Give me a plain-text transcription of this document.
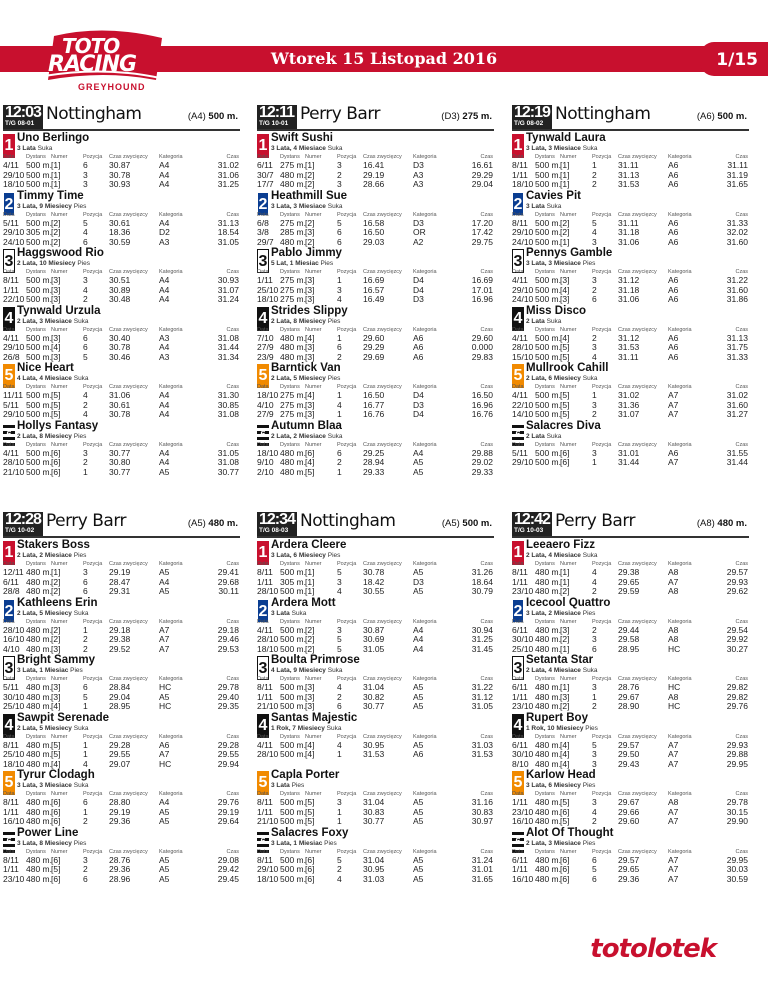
Wtorek 15 Listopad 2016	1/15
TOTO
RACING
GREYHOUND
12:03
T/G 08-01 Nottingham	(A4) 500 m.
1 Uno Berlingo
3 Lata Suka
Data Dystans Numer	Pozycja Czas zwycięzcy Kategoria	Czas
4/11 500 m. [1]	6	30.87	A4	31.02
29/10 500 m. [1]	3	30.78	A4	31.06
18/10 500 m. [1]	3	30.93	A4	31.25
2 Timmy Time
3 Lata, 9 Miesiecy Pies
Data Dystans Numer	Pozycja Czas zwycięzcy Kategoria	Czas
5/11 500 m. [2]	5	30.61	A4	31.13
29/10 305 m. [2]	4	18.36	D2	18.54
24/10 500 m. [2]	6	30.59	A3	31.05
3 Haggswood Rio
2 Lata, 10 Miesiecy Pies
Data Dystans Numer	Pozycja Czas zwycięzcy Kategoria	Czas
8/11 500 m. [3]	3	30.51	A4	30.93
1/11 500 m. [3]	4	30.89	A4	31.07
22/10 500 m. [3]	2	30.48	A4	31.24
4 Tynwald Urzula
2 Lata, 3 Miesiace Suka
Data Dystans Numer	Pozycja Czas zwycięzcy Kategoria	Czas
4/11 500 m. [3]	6	30.40	A3	31.08
29/10 500 m. [4]	6	30.78	A4	31.44
26/8 500 m. [3]	5	30.46	A3	31.34
5 Nice Heart
4 Lata, 4 Miesiace Suka
Data Dystans Numer	Pozycja Czas zwycięzcy Kategoria	Czas
11/11 500 m. [5]	4	31.06	A4	31.30
5/11 500 m. [5]	2	30.61	A4	30.85
29/10 500 m. [5]	4	30.78	A4	31.08
6
Hollys Fantasy
2 Lata, 8 Miesiecy Pies
Data Dystans Numer	Pozycja Czas zwycięzcy Kategoria	Czas
4/11 500 m. [6]	3	30.77	A4	31.05
28/10 500 m. [6]	2	30.80	A4	31.08
21/10 500 m. [6]	1	30.77	A5	30.77
12:11
T/G 10-01 Perry Barr	(D3) 275 m.
1 Swift Sushi
3 Lata, 4 Miesiace Suka
Data Dystans Numer	Pozycja Czas zwycięzcy Kategoria	Czas
6/11 275 m. [1]	3	16.41	D3	16.61
30/7 480 m. [2]	2	29.19	A3	29.29
17/7 480 m. [2]	3	28.66	A3	29.04
2 Heathmill Sue
3 Lata, 3 Miesiace Suka
Data Dystans Numer	Pozycja Czas zwycięzcy Kategoria	Czas
6/8 275 m. [2]	5	16.58	D3	17.20
3/8 285 m. [3]	6	16.50	OR	17.42
29/7 480 m. [2]	6	29.03	A2	29.75
3 Pablo Jimmy
5 Lat, 1 Miesiac Pies
Data Dystans Numer	Pozycja Czas zwycięzcy Kategoria	Czas
1/11 275 m. [3]	1	16.69	D4	16.69
25/10 275 m. [3]	3	16.57	D4	17.01
18/10 275 m. [3]	4	16.49	D3	16.96
4 Strides Slippy
2 Lata, 8 Miesiecy Pies
Data Dystans Numer	Pozycja Czas zwycięzcy Kategoria	Czas
7/10 480 m. [4]	1	29.60	A6	29.60
27/9 480 m. [3]	6	29.29	A6	0.000
23/9 480 m. [3]	2	29.69	A6	29.83
5 Barntick Van
2 Lata, 5 Miesiecy Pies
Data Dystans Numer	Pozycja Czas zwycięzcy Kategoria	Czas
18/10 275 m. [4]	1	16.50	D4	16.50
4/10 275 m. [3]	4	16.77	D3	16.96
27/9 275 m. [3]	1	16.76	D4	16.76
6
Autumn Blaa
2 Lata, 2 Miesiace Suka
Data Dystans Numer	Pozycja Czas zwycięzcy Kategoria	Czas
18/10 480 m. [6]	6	29.25	A4	29.88
9/10 480 m. [4]	2	28.94	A5	29.02
2/10 480 m. [5]	1	29.33	A5	29.33
12:19
T/G 08-02 Nottingham	(A6) 500 m.
1 Tynwald Laura
3 Lata, 3 Miesiace Suka
Data Dystans Numer	Pozycja Czas zwycięzcy Kategoria	Czas
8/11 500 m. [1]	1	31.11	A6	31.11
1/11 500 m. [1]	2	31.13	A6	31.19
18/10 500 m. [1]	2	31.53	A6	31.65
2 Cavies Pit
3 Lata Suka
Data Dystans Numer	Pozycja Czas zwycięzcy Kategoria	Czas
8/11 500 m. [2]	5	31.11	A6	31.33
29/10 500 m. [2]	4	31.18	A6	32.02
24/10 500 m. [1]	3	31.06	A6	31.60
3 Pennys Gamble
3 Lata, 3 Miesiace Pies
Data Dystans Numer	Pozycja Czas zwycięzcy Kategoria	Czas
4/11 500 m. [3]	3	31.12	A6	31.22
29/10 500 m. [4]	2	31.18	A6	31.60
24/10 500 m. [3]	6	31.06	A6	31.86
4 Miss Disco
2 Lata Suka
Data Dystans Numer	Pozycja Czas zwycięzcy Kategoria	Czas
4/11 500 m. [4]	2	31.12	A6	31.13
28/10 500 m. [5]	3	31.53	A6	31.75
15/10 500 m. [5]	4	31.11	A6	31.33
5 Mullrook Cahill
2 Lata, 6 Miesiecy Suka
Data Dystans Numer	Pozycja Czas zwycięzcy Kategoria	Czas
4/11 500 m. [5]	1	31.02	A7	31.02
22/10 500 m. [5]	3	31.36	A7	31.60
14/10 500 m. [5]	2	31.07	A7	31.27
6
Salacres Diva
2 Lata Suka
Data Dystans Numer	Pozycja Czas zwycięzcy Kategoria	Czas
5/11 500 m. [6]	3	31.01	A6	31.55
29/10 500 m. [6]	1	31.44	A7	31.44
12:28
T/G 10-02 Perry Barr	(A5) 480 m.
1 Stakers Boss
2 Lata, 2 Miesiace Pies
Data Dystans Numer	Pozycja Czas zwycięzcy Kategoria	Czas
12/11 480 m. [1]	3	29.19	A5	29.41
6/11 480 m. [2]	6	28.47	A4	29.68
28/8 480 m. [2]	6	29.31	A5	30.11
2 Kathleens Erin
2 Lata, 5 Miesiecy Suka
Data Dystans Numer	Pozycja Czas zwycięzcy Kategoria	Czas
28/10 480 m. [2]	1	29.18	A7	29.18
16/10 480 m. [2]	2	29.38	A7	29.46
4/10 480 m. [3]	2	29.52	A7	29.53
3 Bright Sammy
3 Lata, 1 Miesiac Pies
Data Dystans Numer	Pozycja Czas zwycięzcy Kategoria	Czas
5/11 480 m. [3]	6	28.84	HC	29.78
30/10 480 m. [3]	5	29.04	A5	29.40
25/10 480 m. [4]	1	28.95	HC	29.35
4 Sawpit Serenade
2 Lata, 5 Miesiecy Suka
Data Dystans Numer	Pozycja Czas zwycięzcy Kategoria	Czas
8/11 480 m. [5]	1	29.28	A6	29.28
25/10 480 m. [5]	1	29.55	A7	29.55
18/10 480 m. [4]	4	29.07	HC	29.94
5 Tyrur Clodagh
3 Lata, 3 Miesiace Suka
Data Dystans Numer	Pozycja Czas zwycięzcy Kategoria	Czas
8/11 480 m. [6]	6	28.80	A4	29.76
1/11 480 m. [6]	1	29.19	A5	29.19
16/10 480 m. [6]	2	29.36	A5	29.64
6
Power Line
3 Lata, 8 Miesiecy Pies
Data Dystans Numer	Pozycja Czas zwycięzcy Kategoria	Czas
8/11 480 m. [6]	3	28.76	A5	29.08
1/11 480 m. [5]	2	29.36	A5	29.42
23/10 480 m. [6]	6	28.96	A5	29.45
12:34
T/G 08-03 Nottingham	(A5) 500 m.
1 Ardera Cleere
3 Lata, 6 Miesiecy Pies
Data Dystans Numer	Pozycja Czas zwycięzcy Kategoria	Czas
8/11 500 m. [1]	5	30.78	A5	31.26
1/11 305 m. [1]	3	18.42	D3	18.64
28/10 500 m. [1]	4	30.55	A5	30.79
2 Ardera Mott
3 Lata Suka
Data Dystans Numer	Pozycja Czas zwycięzcy Kategoria	Czas
4/11 500 m. [2]	3	30.87	A4	30.94
28/10 500 m. [2]	5	30.69	A4	31.25
18/10 500 m. [2]	5	31.05	A4	31.45
3 Boulta Primrose
4 Lata, 9 Miesiecy Suka
Data Dystans Numer	Pozycja Czas zwycięzcy Kategoria	Czas
8/11 500 m. [3]	4	31.04	A5	31.22
1/11 500 m. [3]	2	30.82	A5	31.12
21/10 500 m. [3]	6	30.77	A5	31.05
4 Santas Majestic
1 Rok, 7 Miesiecy Suka
Data Dystans Numer	Pozycja Czas zwycięzcy Kategoria	Czas
4/11 500 m. [4]	4	30.95	A5	31.03
28/10 500 m. [4]	1	31.53	A6	31.53
5 Capla Porter
3 Lata Pies
Data Dystans Numer	Pozycja Czas zwycięzcy Kategoria	Czas
8/11 500 m. [5]	3	31.04	A5	31.16
1/11 500 m. [5]	1	30.83	A5	30.83
21/10 500 m. [5]	1	30.77	A5	30.97
6
Salacres Foxy
3 Lata, 1 Miesiac Pies
Data Dystans Numer	Pozycja Czas zwycięzcy Kategoria	Czas
8/11 500 m. [6]	5	31.04	A5	31.24
29/10 500 m. [6]	2	30.95	A5	31.01
18/10 500 m. [6]	4	31.03	A5	31.65
12:42
T/G 10-03 Perry Barr	(A8) 480 m.
1 Leeaero Fizz
2 Lata, 4 Miesiace Suka
Data Dystans Numer	Pozycja Czas zwycięzcy Kategoria	Czas
8/11 480 m. [1]	4	29.38	A8	29.57
1/11 480 m. [1]	4	29.65	A7	29.93
23/10 480 m. [2]	2	29.59	A8	29.62
2 Icecool Quattro
3 Lata, 2 Miesiace Pies
Data Dystans Numer	Pozycja Czas zwycięzcy Kategoria	Czas
6/11 480 m. [3]	2	29.44	A8	29.54
30/10 480 m. [2]	3	29.58	A8	29.92
25/10 480 m. [1]	6	28.95	HC	30.27
3 Setanta Star
2 Lata, 4 Miesiace Suka
Data Dystans Numer	Pozycja Czas zwycięzcy Kategoria	Czas
6/11 480 m. [1]	3	28.76	HC	29.82
1/11 480 m. [3]	1	29.67	A8	29.82
23/10 480 m. [2]	2	28.90	HC	29.76
4 Rupert Boy
1 Rok, 10 Miesiecy Pies
Data Dystans Numer	Pozycja Czas zwycięzcy Kategoria	Czas
6/11 480 m. [4]	5	29.57	A7	29.93
30/10 480 m. [4]	3	29.50	A7	29.88
8/10 480 m. [4]	3	29.43	A7	29.95
5 Karlow Head
3 Lata, 6 Miesiecy Pies
Data Dystans Numer	Pozycja Czas zwycięzcy Kategoria	Czas
1/11 480 m. [5]	3	29.67	A8	29.78
23/10 480 m. [6]	4	29.66	A7	30.15
16/10 480 m. [5]	2	29.60	A7	29.90
6
Alot Of Thought
2 Lata, 3 Miesiace Pies
Data Dystans Numer	Pozycja Czas zwycięzcy Kategoria	Czas
6/11 480 m. [6]	6	29.57	A7	29.95
1/11 480 m. [6]	5	29.65	A7	30.03
16/10 480 m. [6]	6	29.36	A7	30.59
totolotek
